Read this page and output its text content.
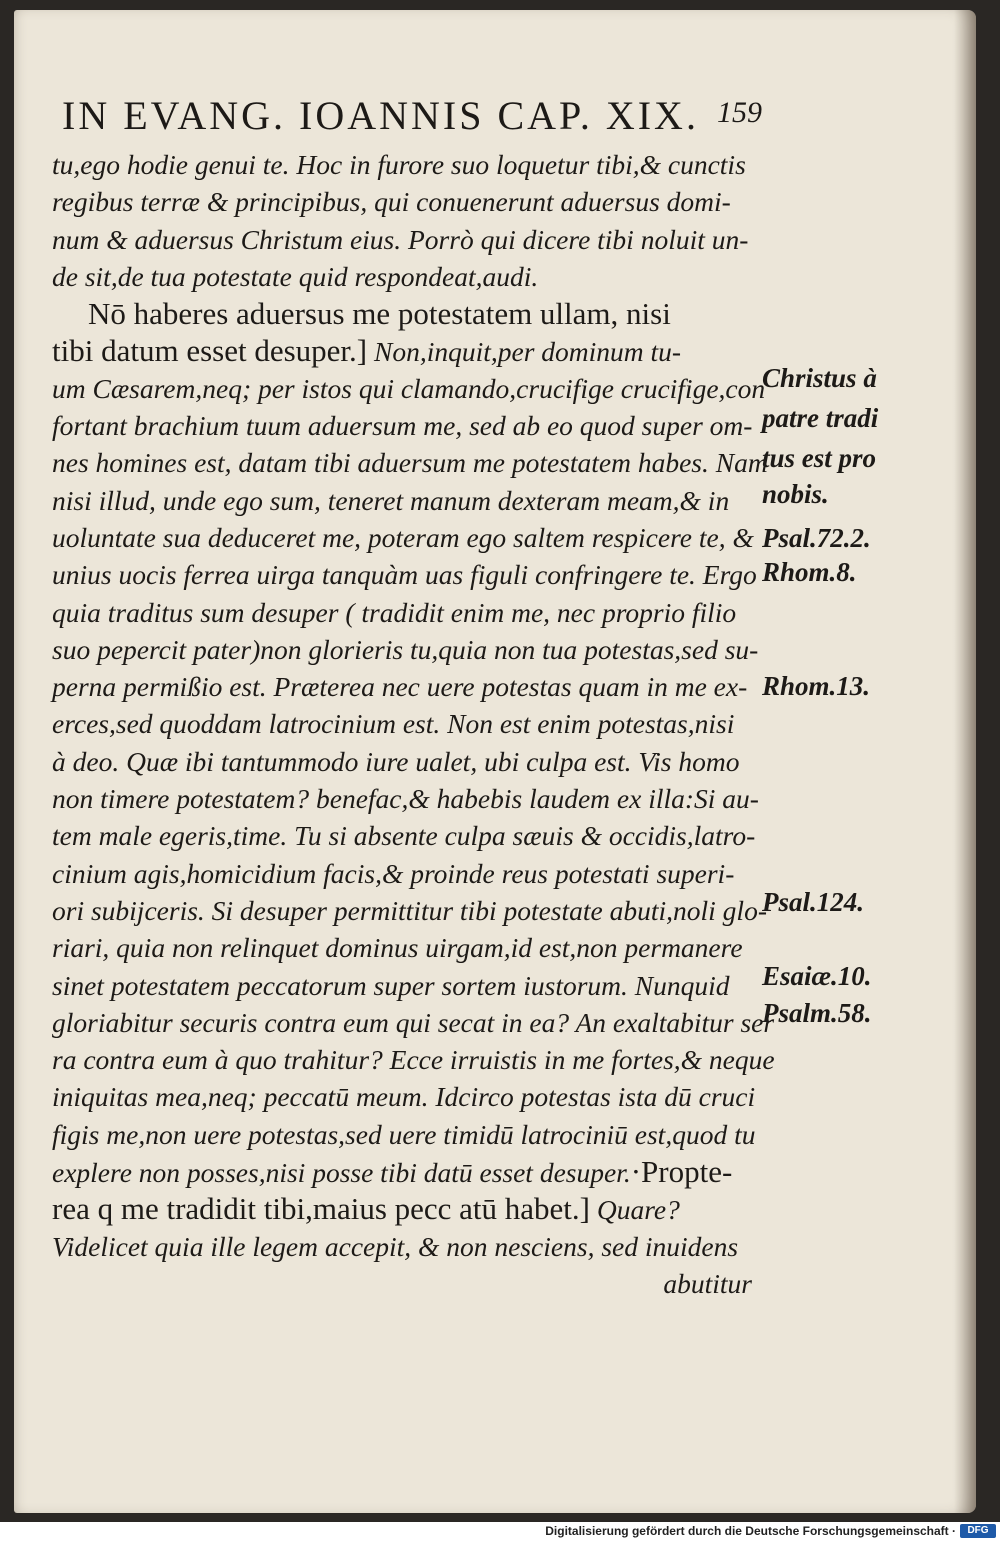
IN EVANG. IOANNIS CAP. XIX. 159
tu,ego hodie genui te. Hoc in furore suo loquetur tibi,& cunctis
regibus terræ & principibus, qui conuenerunt aduersus domi-
num & aduersus Christum eius. Porrò qui dicere tibi noluit un-
de sit,de tua potestate quid respondeat,audi.
Nō haberes aduersus me potestatem ullam, nisi
tibi datum esset desuper.] Non,inquit,per dominum tu-
um Cæsarem,neq; per istos qui clamando,crucifige crucifige,con
fortant brachium tuum aduersum me, sed ab eo quod super om-
nes homines est, datam tibi aduersum me potestatem habes. Nam
nisi illud, unde ego sum, teneret manum dexteram meam,& in
uoluntate sua deduceret me, poteram ego saltem respicere te, &
unius uocis ferrea uirga tanquàm uas figuli confringere te. Ergo
quia traditus sum desuper ( tradidit enim me, nec proprio filio
suo pepercit pater)non glorieris tu,quia non tua potestas,sed su-
perna permißio est. Præterea nec uere potestas quam in me ex-
erces,sed quoddam latrocinium est. Non est enim potestas,nisi
à deo. Quæ ibi tantummodo iure ualet, ubi culpa est. Vis homo
non timere potestatem? benefac,& habebis laudem ex illa:Si au-
tem male egeris,time. Tu si absente culpa sæuis & occidis,latro-
cinium agis,homicidium facis,& proinde reus potestati superi-
ori subijceris. Si desuper permittitur tibi potestate abuti,noli glo-
riari, quia non relinquet dominus uirgam,id est,non permanere
sinet potestatem peccatorum super sortem iustorum. Nunquid
gloriabitur securis contra eum qui secat in ea? An exaltabitur ser
ra contra eum à quo trahitur? Ecce irruistis in me fortes,& neque
iniquitas mea,neq; peccatū meum. Idcirco potestas ista dū cruci
figis me,non uere potestas,sed uere timidū latrociniū est,quod tu
explere non posses,nisi posse tibi datū esset desuper.·Propte-
rea q me tradidit tibi,maius pecc atū habet.] Quare?
Videlicet quia ille legem accepit, & non nesciens, sed inuidens
abutitur
Christus à
patre tradi
tus est pro
nobis.
Psal.72.2.
Rhom.8.
Rhom.13.
Psal.124.
Esaiæ.10.
Psalm.58.
Digitalisierung gefördert durch die Deutsche Forschungsgemeinschaft ·	DFG
